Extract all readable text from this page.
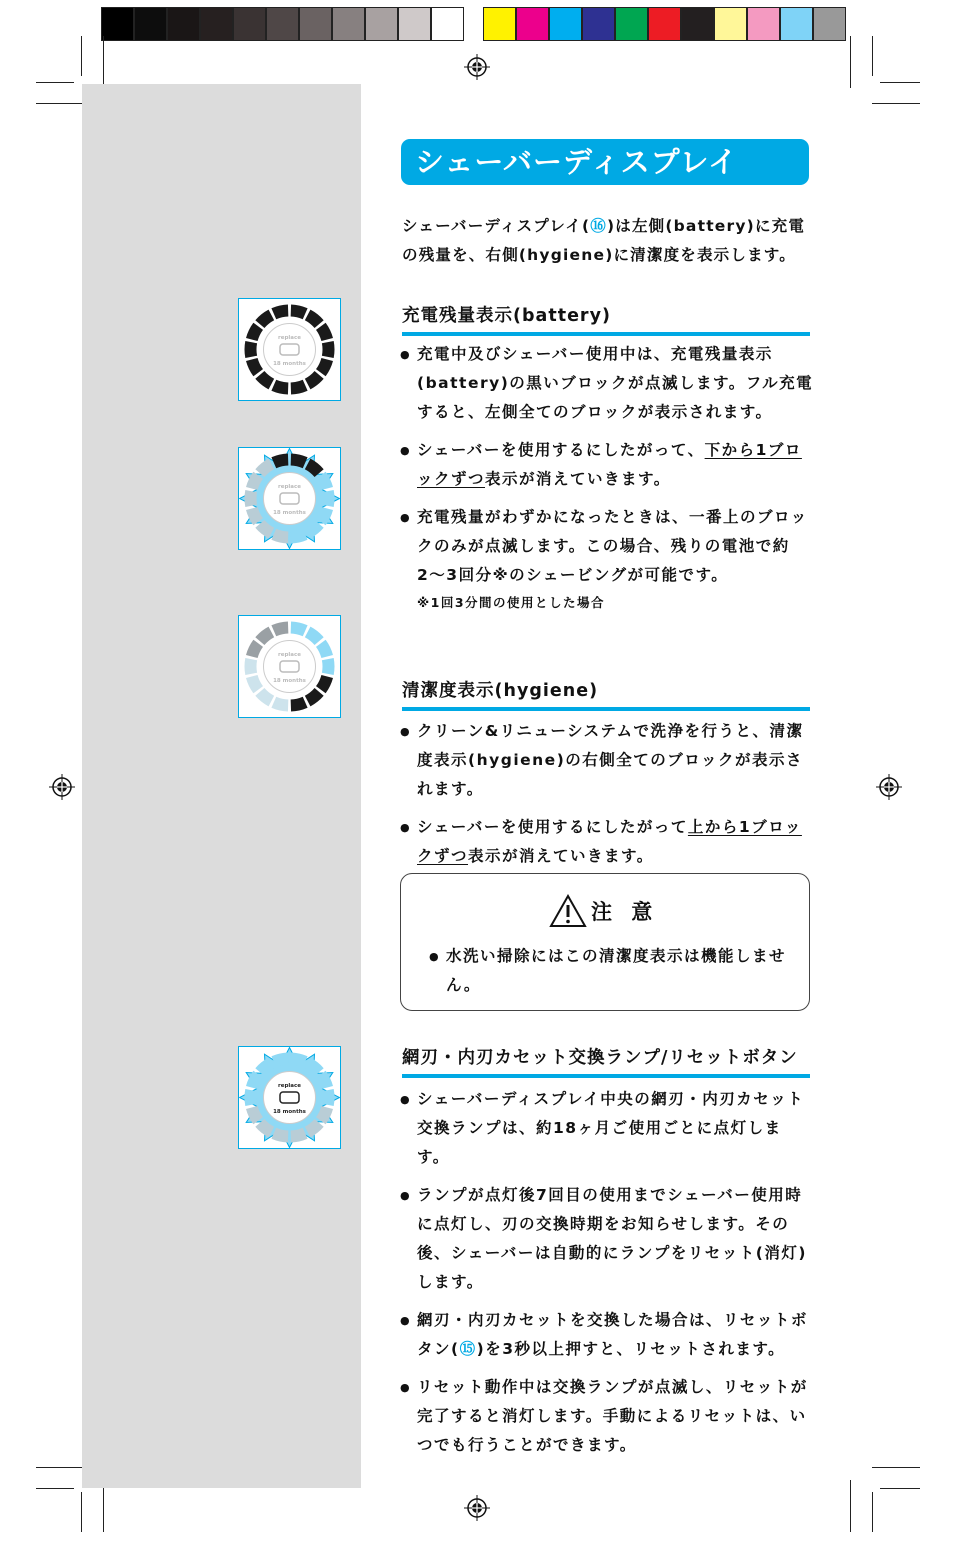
replace
18 months
replace
18 months
replace
18 months
replace
18 months
シェーバーディスプレイ
シェーバーディスプレイ(⑯)は左側(battery)に充電の残量を、右側(hygiene)に清潔度を表示します。
充電残量表示(battery)
● 充電中及びシェーバー使用中は、充電残量表示(battery)の黒いブロックが点滅します。フル充電すると、左側全てのブロックが表示されます。
● シェーバーを使用するにしたがって、下から1ブロックずつ表示が消えていきます。
● 充電残量がわずかになったときは、一番上のブロックのみが点滅します。この場合、残りの電池で約2〜3回分※のシェービングが可能です。
※1回3分間の使用とした場合
清潔度表示(hygiene)
● クリーン&リニューシステムで洗浄を行うと、清潔度表示(hygiene)の右側全てのブロックが表示されます。
● シェーバーを使用するにしたがって上から1ブロックずつ表示が消えていきます。
注 意
● 水洗い掃除にはこの清潔度表示は機能しません。
網刃・内刃カセット交換ランプ/リセットボタン
● シェーバーディスプレイ中央の網刃・内刃カセット交換ランプは、約18ヶ月ご使用ごとに点灯します。
● ランプが点灯後7回目の使用までシェーバー使用時に点灯し、刃の交換時期をお知らせします。その後、シェーバーは自動的にランプをリセット(消灯)します。
● 網刃・内刃カセットを交換した場合は、リセットボタン(⑮)を3秒以上押すと、リセットされます。
● リセット動作中は交換ランプが点滅し、リセットが完了すると消灯します。手動によるリセットは、いつでも行うことができます。
